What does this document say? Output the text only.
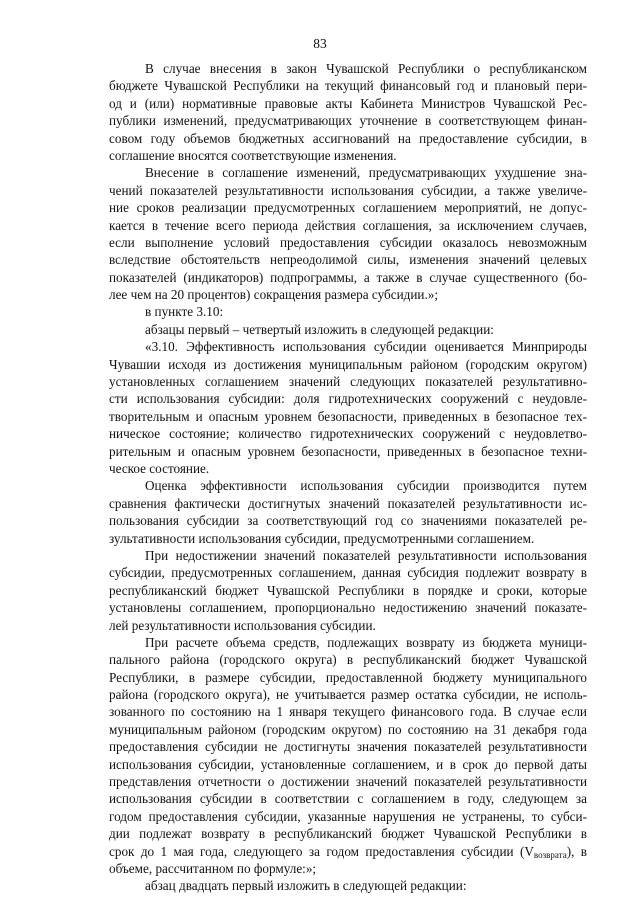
83
В случае внесения в закон Чувашской Республики о республиканском
бюджете Чувашской Республики на текущий финансовый год и плановый пери-
од и (или) нормативные правовые акты Кабинета Министров Чувашской Рес-
публики изменений, предусматривающих уточнение в соответствующем финан-
совом году объемов бюджетных ассигнований на предоставление субсидии, в
соглашение вносятся соответствующие изменения.
Внесение в соглашение изменений, предусматривающих ухудшение зна-
чений показателей результативности использования субсидии, а также увеличе-
ние сроков реализации предусмотренных соглашением мероприятий, не допус-
кается в течение всего периода действия соглашения, за исключением случаев,
если выполнение условий предоставления субсидии оказалось невозможным
вследствие обстоятельств непреодолимой силы, изменения значений целевых
показателей (индикаторов) подпрограммы, а также в случае существенного (бо-
лее чем на 20 процентов) сокращения размера субсидии.»;
в пункте 3.10:
абзацы первый – четвертый изложить в следующей редакции:
«3.10. Эффективность использования субсидии оценивается Минприроды
Чувашии исходя из достижения муниципальным районом (городским округом)
установленных соглашением значений следующих показателей результативно-
сти использования субсидии: доля гидротехнических сооружений с неудовле-
творительным и опасным уровнем безопасности, приведенных в безопасное тех-
ническое состояние; количество гидротехнических сооружений с неудовлетво-
рительным и опасным уровнем безопасности, приведенных в безопасное техни-
ческое состояние.
Оценка эффективности использования субсидии производится путем
сравнения фактически достигнутых значений показателей результативности ис-
пользования субсидии за соответствующий год со значениями показателей ре-
зультативности использования субсидии, предусмотренными соглашением.
При недостижении значений показателей результативности использования
субсидии, предусмотренных соглашением, данная субсидия подлежит возврату в
республиканский бюджет Чувашской Республики в порядке и сроки, которые
установлены соглашением, пропорционально недостижению значений показате-
лей результативности использования субсидии.
При расчете объема средств, подлежащих возврату из бюджета муници-
пального района (городского округа) в республиканский бюджет Чувашской
Республики, в размере субсидии, предоставленной бюджету муниципального
района (городского округа), не учитывается размер остатка субсидии, не исполь-
зованного по состоянию на 1 января текущего финансового года. В случае если
муниципальным районом (городским округом) по состоянию на 31 декабря года
предоставления субсидии не достигнуты значения показателей результативности
использования субсидии, установленные соглашением, и в срок до первой даты
представления отчетности о достижении значений показателей результативности
использования субсидии в соответствии с соглашением в году, следующем за
годом предоставления субсидии, указанные нарушения не устранены, то субси-
дии подлежат возврату в республиканский бюджет Чувашской Республики в
срок до 1 мая года, следующего за годом предоставления субсидии $(V_{возврата})$, в
объеме, рассчитанном по формуле:»;
абзац двадцать первый изложить в следующей редакции:
